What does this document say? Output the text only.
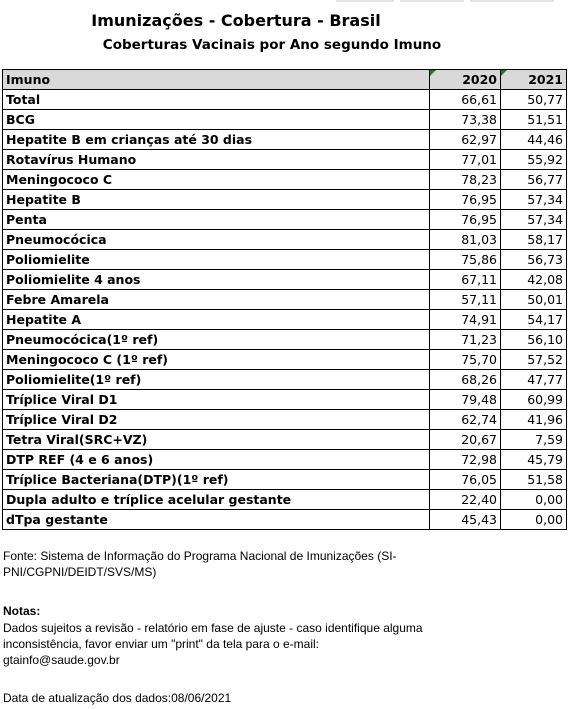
Imunizações - Cobertura - Brasil
Coberturas Vacinais por Ano segundo Imuno
Imuno	2020	2021
Total	66,61	50,77
BCG	73,38	51,51
Hepatite B em crianças até 30 dias	62,97	44,46
Rotavírus Humano	77,01	55,92
Meningococo C	78,23	56,77
Hepatite B	76,95	57,34
Penta	76,95	57,34
Pneumocócica	81,03	58,17
Poliomielite	75,86	56,73
Poliomielite 4 anos	67,11	42,08
Febre Amarela	57,11	50,01
Hepatite A	74,91	54,17
Pneumocócica(1º ref)	71,23	56,10
Meningococo C (1º ref)	75,70	57,52
Poliomielite(1º ref)	68,26	47,77
Tríplice Viral D1	79,48	60,99
Tríplice Viral D2	62,74	41,96
Tetra Viral(SRC+VZ)	20,67	7,59
DTP REF (4 e 6 anos)	72,98	45,79
Tríplice Bacteriana(DTP)(1º ref)	76,05	51,58
Dupla adulto e tríplice acelular gestante	22,40	0,00
dTpa gestante	45,43	0,00
Fonte: Sistema de Informação do Programa Nacional de Imunizações (SI-PNI/CGPNI/DEIDT/SVS/MS)
Notas:
Dados sujeitos a revisão - relatório em fase de ajuste - caso identifique alguma inconsistência, favor enviar um "print" da tela para o e-mail: gtainfo@saude.gov.br
Data de atualização dos dados:08/06/2021
